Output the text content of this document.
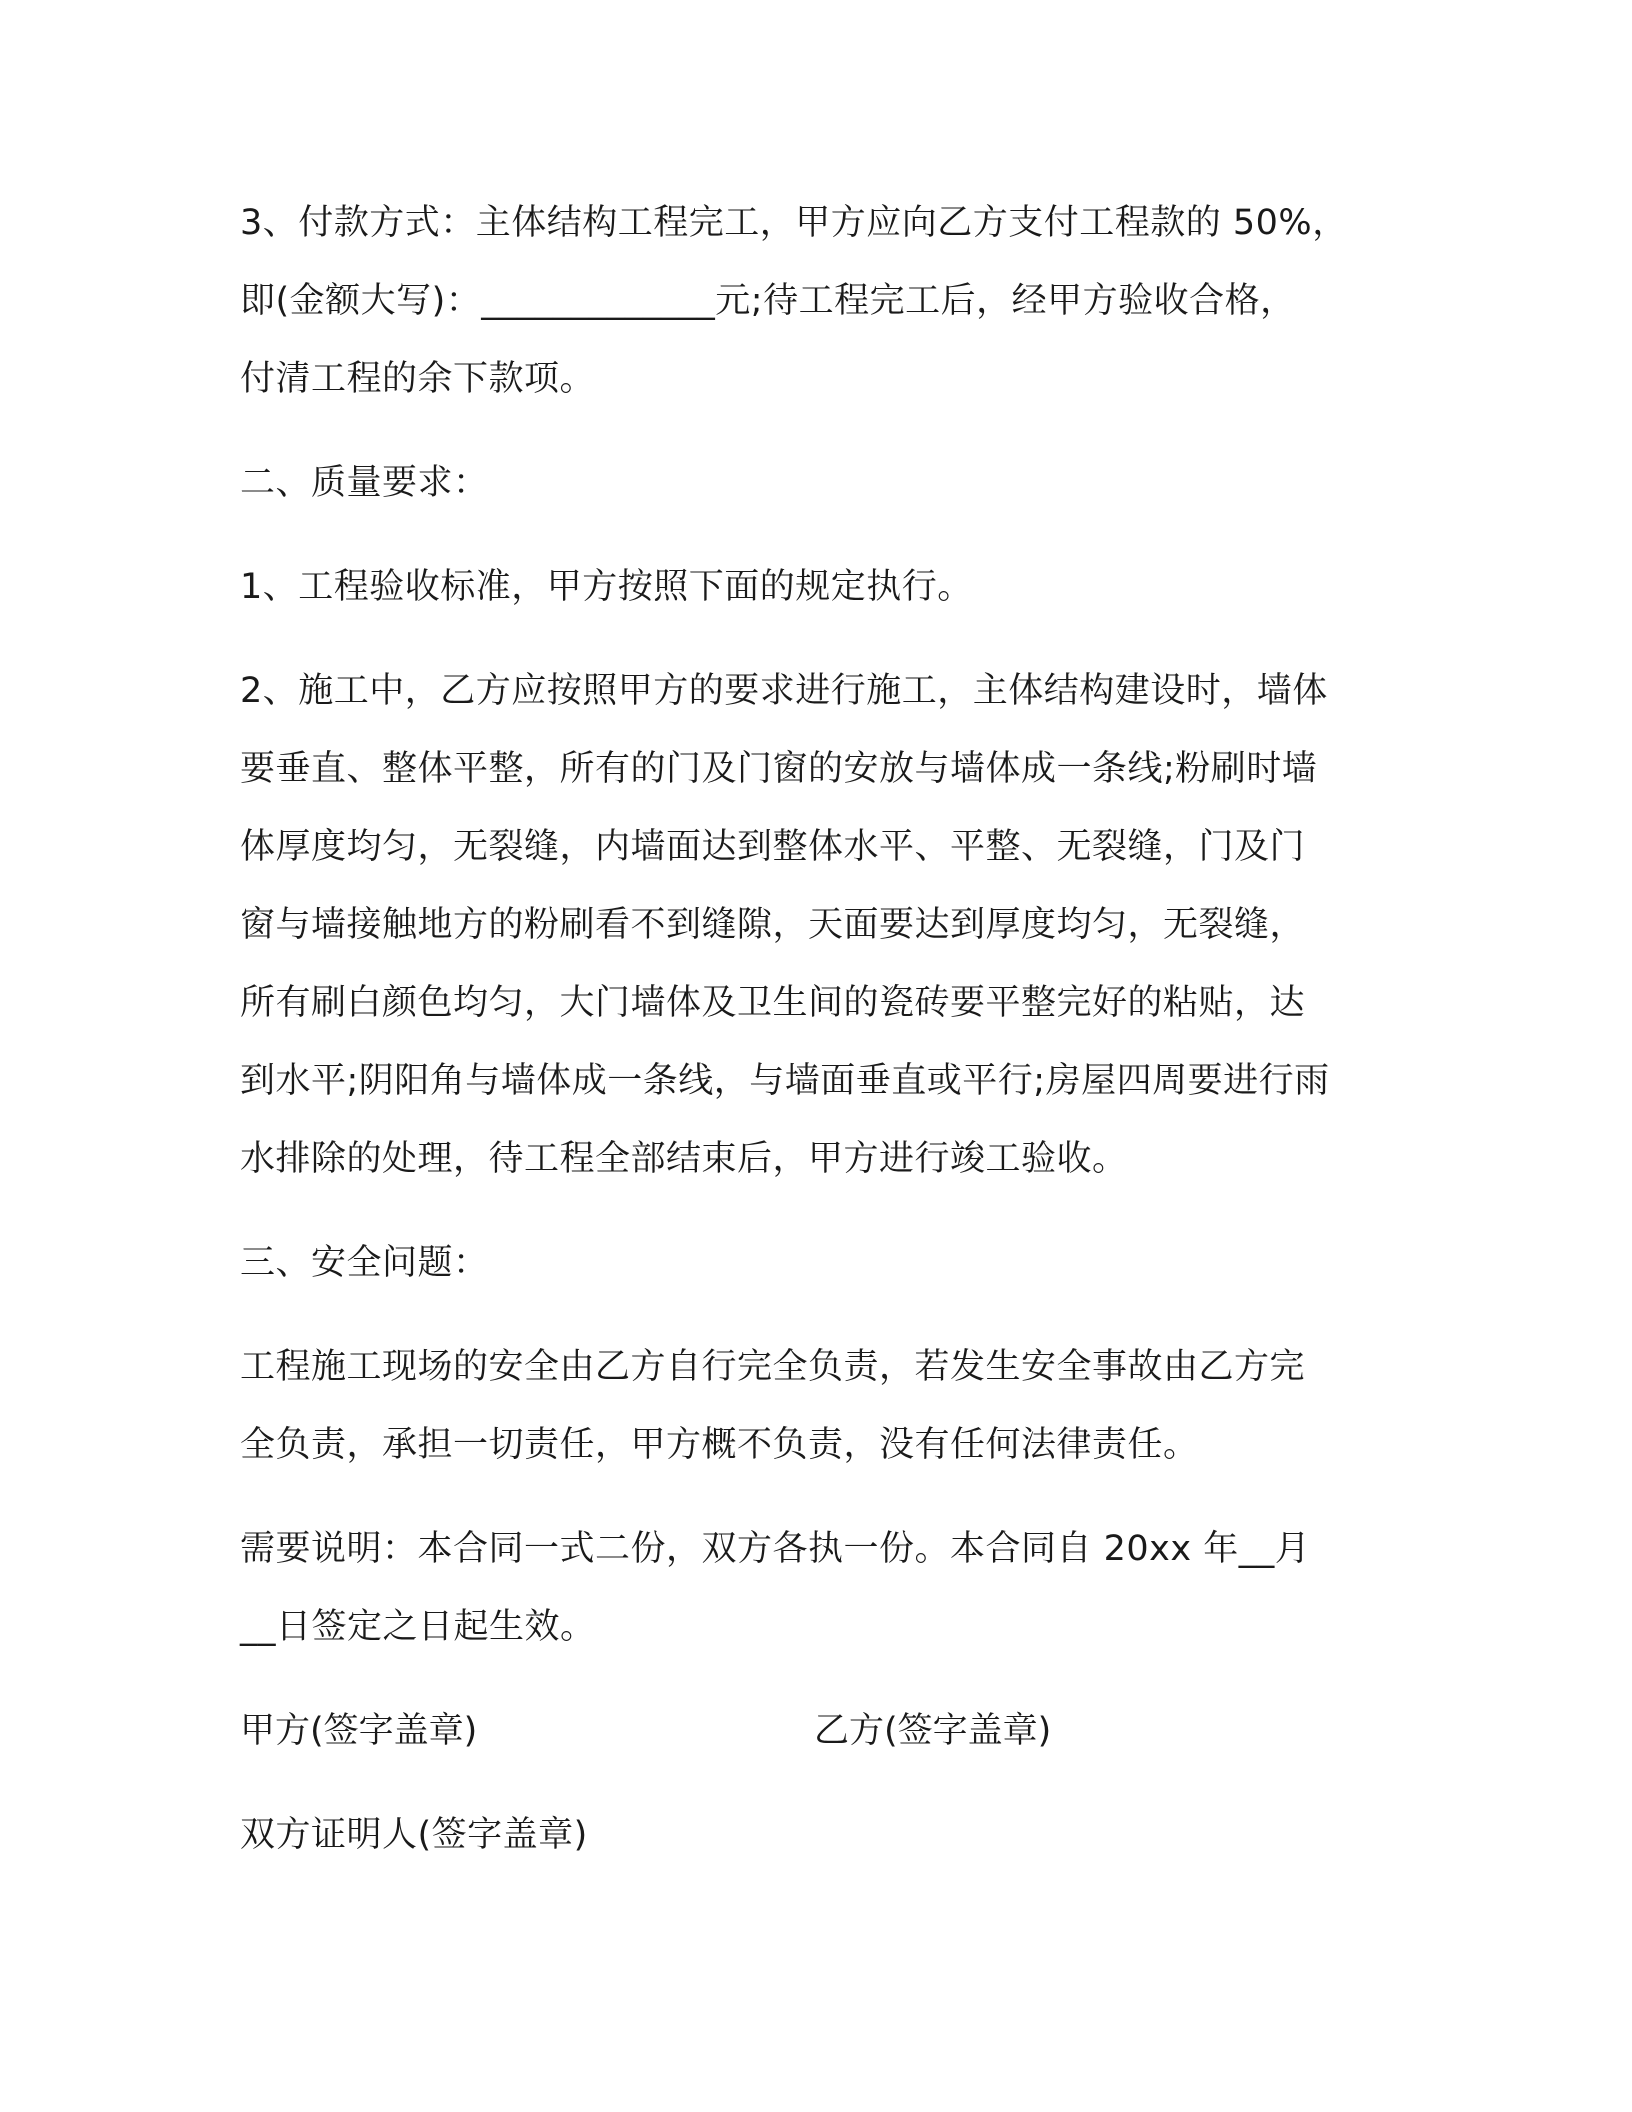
3、付款方式：主体结构工程完工，甲方应向乙方支付工程款的 50%，
即(金额大写)：_____________元;待工程完工后，经甲方验收合格，
付清工程的余下款项。
二、质量要求：
1、工程验收标准，甲方按照下面的规定执行。
2、施工中，乙方应按照甲方的要求进行施工，主体结构建设时，墙体
要垂直、整体平整，所有的门及门窗的安放与墙体成一条线;粉刷时墙
体厚度均匀，无裂缝，内墙面达到整体水平、平整、无裂缝，门及门
窗与墙接触地方的粉刷看不到缝隙，天面要达到厚度均匀，无裂缝，
所有刷白颜色均匀，大门墙体及卫生间的瓷砖要平整完好的粘贴，达
到水平;阴阳角与墙体成一条线，与墙面垂直或平行;房屋四周要进行雨
水排除的处理，待工程全部结束后，甲方进行竣工验收。
三、安全问题：
工程施工现场的安全由乙方自行完全负责，若发生安全事故由乙方完
全负责，承担一切责任，甲方概不负责，没有任何法律责任。
需要说明：本合同一式二份，双方各执一份。本合同自 20xx 年__月
__日签定之日起生效。
甲方(签字盖章)	乙方(签字盖章)
双方证明人(签字盖章)
